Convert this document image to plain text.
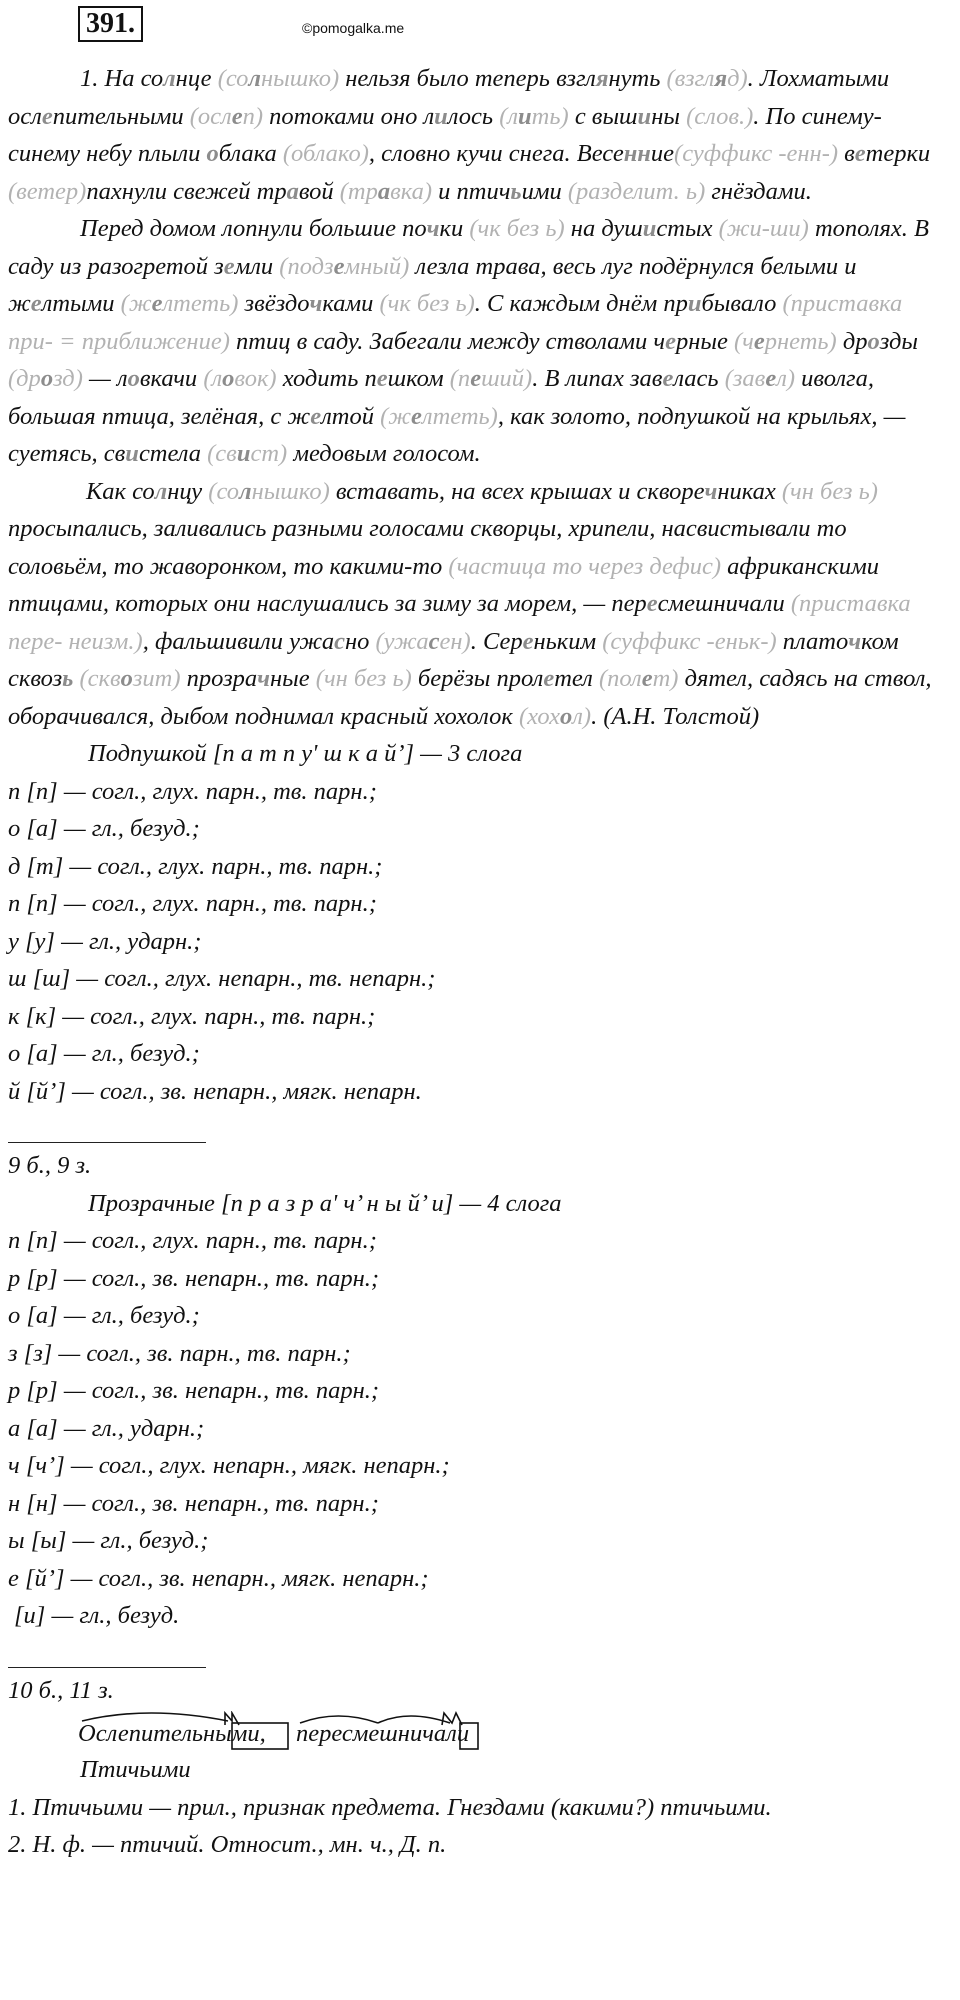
391.	©pomogalka.me

1. На солнце (солнышко) нельзя было теперь взглянуть (взгляд). Лохматыми ослепительными (ослеп) потоками оно лилось (лить) с вышины (слов.). По синему-синему небу плыли облака (облако), словно кучи снега. Весенние(суффикс -енн-) ветерки (ветер)пахнули свежей травой (травка) и птичьими (разделит. ь) гнёздами.

Перед домом лопнули большие почки (чк без ь) на душистых (жи-ши) тополях. В саду из разогретой земли (подземный) лезла трава, весь луг подёрнулся белыми и желтыми (желтеть) звёздочками (чк без ь). С каждым днём прибывало (приставка при- = приближение) птиц в саду. Забегали между стволами черные (чернеть) дрозды (дрозд) — ловкачи (ловок) ходить пешком (пеший). В липах завелась (завел) иволга, большая птица, зелёная, с желтой (желтеть), как золото, подпушкой на крыльях, — суетясь, свистела (свист) медовым голосом.

Как солнцу (солнышко) вставать, на всех крышах и скворечниках (чн без ь) просыпались, заливались разными голосами скворцы, хрипели, насвистывали то соловьём, то жаворонком, то какими-то (частица то через дефис) африканскими птицами, которых они наслушались за зиму за морем, — пересмешничали (приставка пере- неизм.), фальшивили ужасно (ужасен). Сереньким (суффикс -еньк-) платочком сквозь (сквозит) прозрачные (чн без ь) берёзы пролетел (полет) дятел, садясь на ствол, оборачивался, дыбом поднимал красный хохолок (хохол). (А.Н. Толстой)

Подпушкой [п а т п у' ш к а й’] — 3 слога

п [п] — согл., глух. парн., тв. парн.;

о [а] — гл., безуд.;

д [т] — согл., глух. парн., тв. парн.;

п [п] — согл., глух. парн., тв. парн.;

у [у] — гл., ударн.;

ш [ш] — согл., глух. непарн., тв. непарн.;

к [к] — согл., глух. парн., тв. парн.;

о [а] — гл., безуд.;

й [й’] — согл., зв. непарн., мягк. непарн.

9 б., 9 з.

Прозрачные [п р а з р а' ч’ н ы й’ и] — 4 слога

п [п] — согл., глух. парн., тв. парн.;

р [р] — согл., зв. непарн., тв. парн.;

о [а] — гл., безуд.;

з [з] — согл., зв. парн., тв. парн.;

р [р] — согл., зв. непарн., тв. парн.;

а [а] — гл., ударн.;

ч [ч’] — согл., глух. непарн., мягк. непарн.;

н [н] — согл., зв. непарн., тв. парн.;

ы [ы] — гл., безуд.;

е [й’] — согл., зв. непарн., мягк. непарн.;

[и] — гл., безуд.

10 б., 11 з.

Ослепительными, пересмешничали

Птичьими

1. Птичьими — прил., признак предмета. Гнездами (какими?) птичьими.

2. Н. ф. — птичий. Относит., мн. ч., Д. п.
